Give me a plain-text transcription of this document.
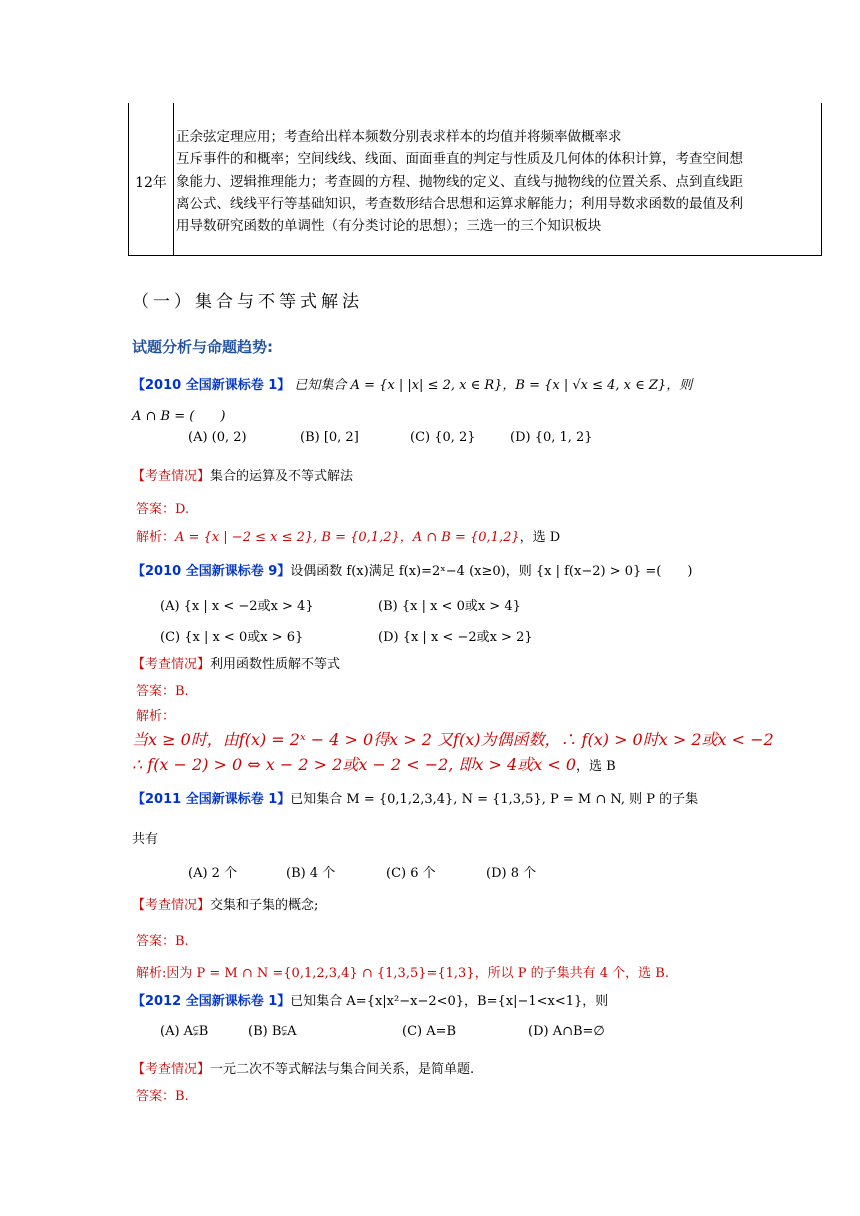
12年
正余弦定理应用；考查给出样本频数分别表求样本的均值并将频率做概率求
互斥事件的和概率；空间线线、线面、面面垂直的判定与性质及几何体的体积计算，考查空间想
象能力、逻辑推理能力；考查圆的方程、抛物线的定义、直线与抛物线的位置关系、点到直线距
离公式、线线平行等基础知识，考查数形结合思想和运算求解能力；利用导数求函数的最值及利
用导数研究函数的单调性（有分类讨论的思想）；三选一的三个知识板块
（一）集合与不等式解法
试题分析与命题趋势:
【2010 全国新课标卷 1】 已知集合 A = {x | |x| ≤ 2, x ∈ R}，B = {x | √x ≤ 4, x ∈ Z}，则
A ∩ B = (　　)
(A) (0, 2)	(B) [0, 2]	(C) {0, 2}	(D) {0, 1, 2}
【考查情况】集合的运算及不等式解法
答案：D.
解析：A = {x | −2 ≤ x ≤ 2}, B = {0,1,2}，A ∩ B = {0,1,2}，选 D
【2010 全国新课标卷 9】设偶函数 f(x)满足 f(x)=2ˣ−4 (x≥0)，则 {x | f(x−2) > 0} =(　　)
(A) {x | x < −2或x > 4}	(B) {x | x < 0或x > 4}
(C) {x | x < 0或x > 6}	(D) {x | x < −2或x > 2}
【考查情况】利用函数性质解不等式
答案：B.
解析：
当x ≥ 0时，由f(x) = 2ˣ − 4 > 0得x > 2 又f(x)为偶函数，∴ f(x) > 0时x > 2或x < −2
∴ f(x − 2) > 0 ⇔ x − 2 > 2或x − 2 < −2, 即x > 4或x < 0，选 B
【2011 全国新课标卷 1】已知集合 M = {0,1,2,3,4}, N = {1,3,5}, P = M ∩ N, 则 P 的子集
共有
(A) 2 个	(B) 4 个	(C) 6 个	(D) 8 个
【考查情况】交集和子集的概念;
答案：B.
解析:因为 P = M ∩ N ={0,1,2,3,4} ∩ {1,3,5}={1,3}，所以 P 的子集共有 4 个，选 B.
【2012 全国新课标卷 1】已知集合 A={x|x²−x−2<0}，B={x|−1<x<1}，则
(A) A⫋B	(B) B⫋A	(C) A=B	(D) A∩B=∅
【考查情况】一元二次不等式解法与集合间关系，是简单题.
答案：B.
